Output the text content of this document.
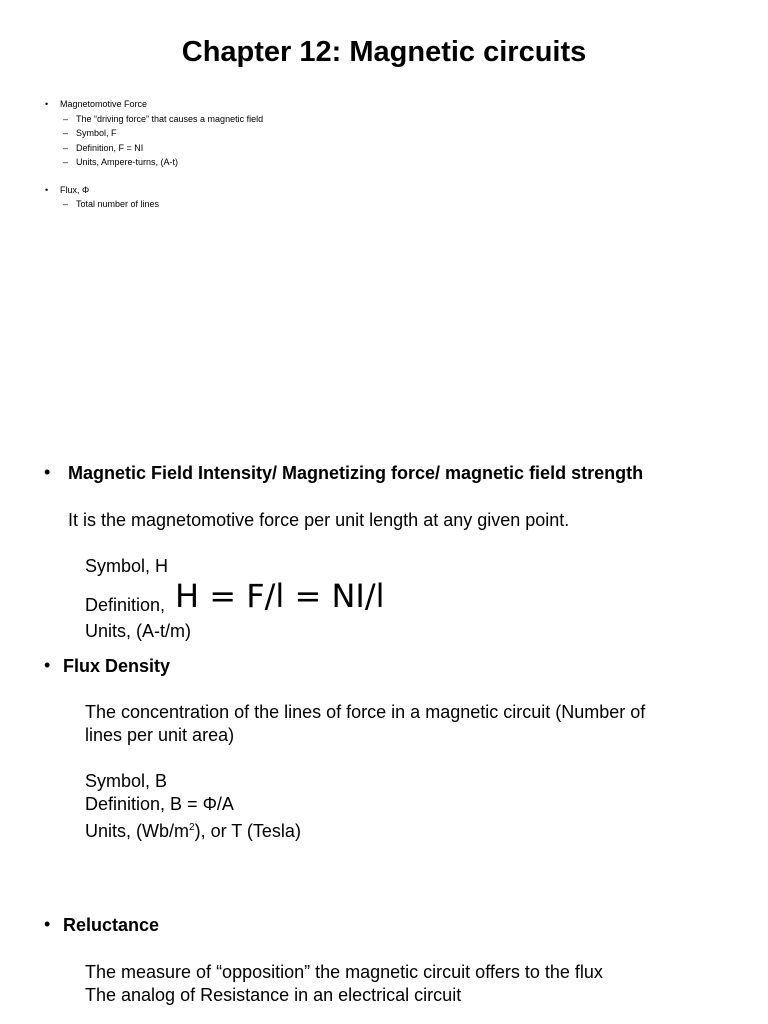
Chapter 12: Magnetic circuits
• Magnetomotive Force
– The “driving force” that causes a magnetic field
– Symbol, F
– Definition, F = NI
– Units, Ampere-turns, (A-t)
• Flux, Φ
– Total number of lines
• Magnetic Field Intensity/ Magnetizing force/ magnetic field strength
It is the magnetomotive force per unit length at any given point.
Symbol, H
Definition, H = F/l = NI/l
Units, (A-t/m)
• Flux Density
The concentration of the lines of force in a magnetic circuit (Number of
lines per unit area)
Symbol, B
Definition, B = Φ/A
Units, $(Wb/m^2)$, or T (Tesla)
• Reluctance
The measure of “opposition” the magnetic circuit offers to the flux
The analog of Resistance in an electrical circuit
